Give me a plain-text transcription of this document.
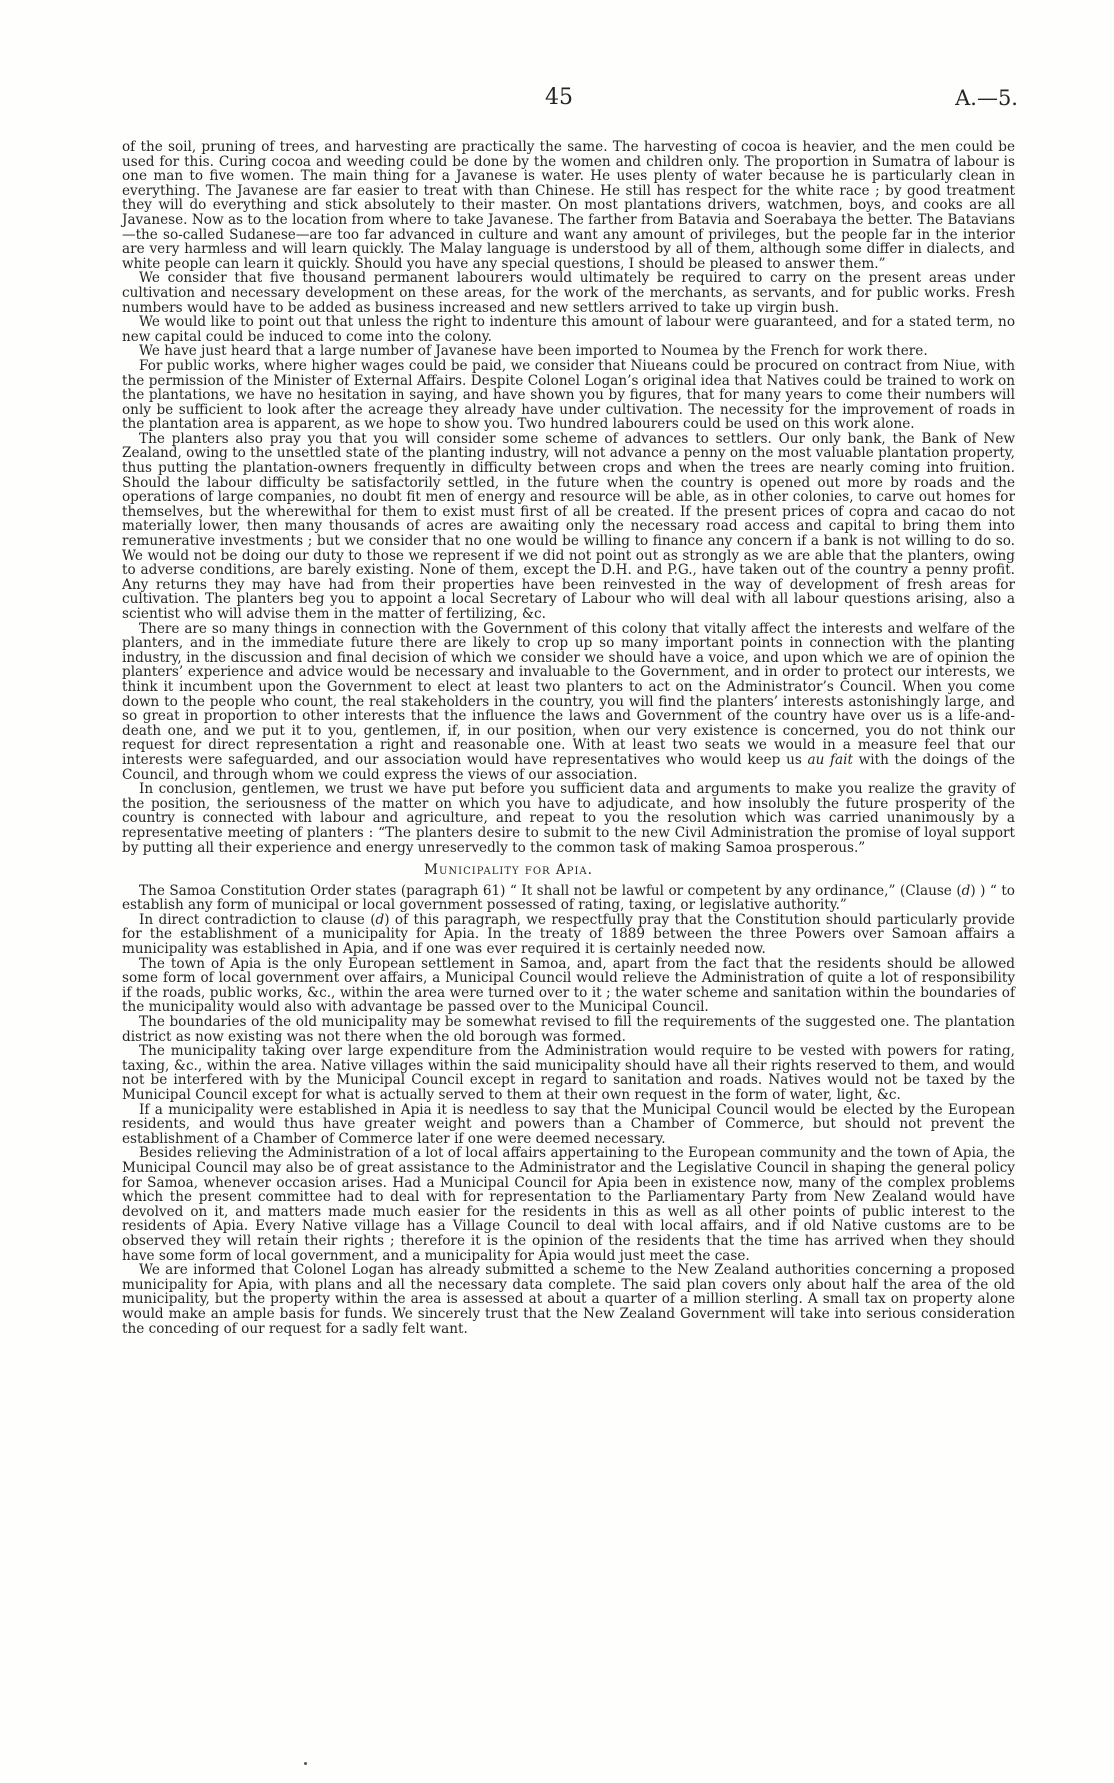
45	A.—5.

of the soil, pruning of trees, and harvesting are practically the same. The harvesting of cocoa is heavier, and the men could be used for this. Curing cocoa and weeding could be done by the women and children only. The proportion in Sumatra of labour is one man to five women. The main thing for a Javanese is water. He uses plenty of water because he is particularly clean in everything. The Javanese are far easier to treat with than Chinese. He still has respect for the white race ; by good treatment they will do everything and stick absolutely to their master. On most plantations drivers, watchmen, boys, and cooks are all Javanese. Now as to the location from where to take Javanese. The farther from Batavia and Soerabaya the better. The Batavians—the so-called Sudanese—are too far advanced in culture and want any amount of privileges, but the people far in the interior are very harmless and will learn quickly. The Malay language is understood by all of them, although some differ in dialects, and white people can learn it quickly. Should you have any special questions, I should be pleased to answer them.”

We consider that five thousand permanent labourers would ultimately be required to carry on the present areas under cultivation and necessary development on these areas, for the work of the merchants, as servants, and for public works. Fresh numbers would have to be added as business increased and new settlers arrived to take up virgin bush.

We would like to point out that unless the right to indenture this amount of labour were guaranteed, and for a stated term, no new capital could be induced to come into the colony.

We have just heard that a large number of Javanese have been imported to Noumea by the French for work there.

For public works, where higher wages could be paid, we consider that Niueans could be procured on contract from Niue, with the permission of the Minister of External Affairs. Despite Colonel Logan’s original idea that Natives could be trained to work on the plantations, we have no hesitation in saying, and have shown you by figures, that for many years to come their numbers will only be sufficient to look after the acreage they already have under cultivation. The necessity for the improvement of roads in the plantation area is apparent, as we hope to show you. Two hundred labourers could be used on this work alone.

The planters also pray you that you will consider some scheme of advances to settlers. Our only bank, the Bank of New Zealand, owing to the unsettled state of the planting industry, will not advance a penny on the most valuable plantation property, thus putting the plantation-owners frequently in difficulty between crops and when the trees are nearly coming into fruition. Should the labour difficulty be satisfactorily settled, in the future when the country is opened out more by roads and the operations of large companies, no doubt fit men of energy and resource will be able, as in other colonies, to carve out homes for themselves, but the wherewithal for them to exist must first of all be created. If the present prices of copra and cacao do not materially lower, then many thousands of acres are awaiting only the necessary road access and capital to bring them into remunerative investments ; but we consider that no one would be willing to finance any concern if a bank is not willing to do so. We would not be doing our duty to those we represent if we did not point out as strongly as we are able that the planters, owing to adverse conditions, are barely existing. None of them, except the D.H. and P.G., have taken out of the country a penny profit. Any returns they may have had from their properties have been reinvested in the way of development of fresh areas for cultivation. The planters beg you to appoint a local Secretary of Labour who will deal with all labour questions arising, also a scientist who will advise them in the matter of fertilizing, &c.

There are so many things in connection with the Government of this colony that vitally affect the interests and welfare of the planters, and in the immediate future there are likely to crop up so many important points in connection with the planting industry, in the discussion and final decision of which we consider we should have a voice, and upon which we are of opinion the planters’ experience and advice would be necessary and invaluable to the Government, and in order to protect our interests, we think it incumbent upon the Government to elect at least two planters to act on the Administrator’s Council. When you come down to the people who count, the real stakeholders in the country, you will find the planters’ interests astonishingly large, and so great in proportion to other interests that the influence the laws and Government of the country have over us is a life-and-death one, and we put it to you, gentlemen, if, in our position, when our very existence is concerned, you do not think our request for direct representation a right and reasonable one. With at least two seats we would in a measure feel that our interests were safeguarded, and our association would have representatives who would keep us au fait with the doings of the Council, and through whom we could express the views of our association.

In conclusion, gentlemen, we trust we have put before you sufficient data and arguments to make you realize the gravity of the position, the seriousness of the matter on which you have to adjudicate, and how insolubly the future prosperity of the country is connected with labour and agriculture, and repeat to you the resolution which was carried unanimously by a representative meeting of planters : “The planters desire to submit to the new Civil Administration the promise of loyal support by putting all their experience and energy unreservedly to the common task of making Samoa prosperous.”

Municipality for Apia.

The Samoa Constitution Order states (paragraph 61) “ It shall not be lawful or competent by any ordinance,” (Clause (d) ) “ to establish any form of municipal or local government possessed of rating, taxing, or legislative authority.”

In direct contradiction to clause (d) of this paragraph, we respectfully pray that the Constitution should particularly provide for the establishment of a municipality for Apia. In the treaty of 1889 between the three Powers over Samoan affairs a municipality was established in Apia, and if one was ever required it is certainly needed now.

The town of Apia is the only European settlement in Samoa, and, apart from the fact that the residents should be allowed some form of local government over affairs, a Municipal Council would relieve the Administration of quite a lot of responsibility if the roads, public works, &c., within the area were turned over to it ; the water scheme and sanitation within the boundaries of the municipality would also with advantage be passed over to the Municipal Council.

The boundaries of the old municipality may be somewhat revised to fill the requirements of the suggested one. The plantation district as now existing was not there when the old borough was formed.

The municipality taking over large expenditure from the Administration would require to be vested with powers for rating, taxing, &c., within the area. Native villages within the said municipality should have all their rights reserved to them, and would not be interfered with by the Municipal Council except in regard to sanitation and roads. Natives would not be taxed by the Municipal Council except for what is actually served to them at their own request in the form of water, light, &c.

If a municipality were established in Apia it is needless to say that the Municipal Council would be elected by the European residents, and would thus have greater weight and powers than a Chamber of Commerce, but should not prevent the establishment of a Chamber of Commerce later if one were deemed necessary.

Besides relieving the Administration of a lot of local affairs appertaining to the European community and the town of Apia, the Municipal Council may also be of great assistance to the Administrator and the Legislative Council in shaping the general policy for Samoa, whenever occasion arises. Had a Municipal Council for Apia been in existence now, many of the complex problems which the present committee had to deal with for representation to the Parliamentary Party from New Zealand would have devolved on it, and matters made much easier for the residents in this as well as all other points of public interest to the residents of Apia. Every Native village has a Village Council to deal with local affairs, and if old Native customs are to be observed they will retain their rights ; therefore it is the opinion of the residents that the time has arrived when they should have some form of local government, and a municipality for Apia would just meet the case.

We are informed that Colonel Logan has already submitted a scheme to the New Zealand authorities concerning a proposed municipality for Apia, with plans and all the necessary data complete. The said plan covers only about half the area of the old municipality, but the property within the area is assessed at about a quarter of a million sterling. A small tax on property alone would make an ample basis for funds. We sincerely trust that the New Zealand Government will take into serious consideration the conceding of our request for a sadly felt want.
